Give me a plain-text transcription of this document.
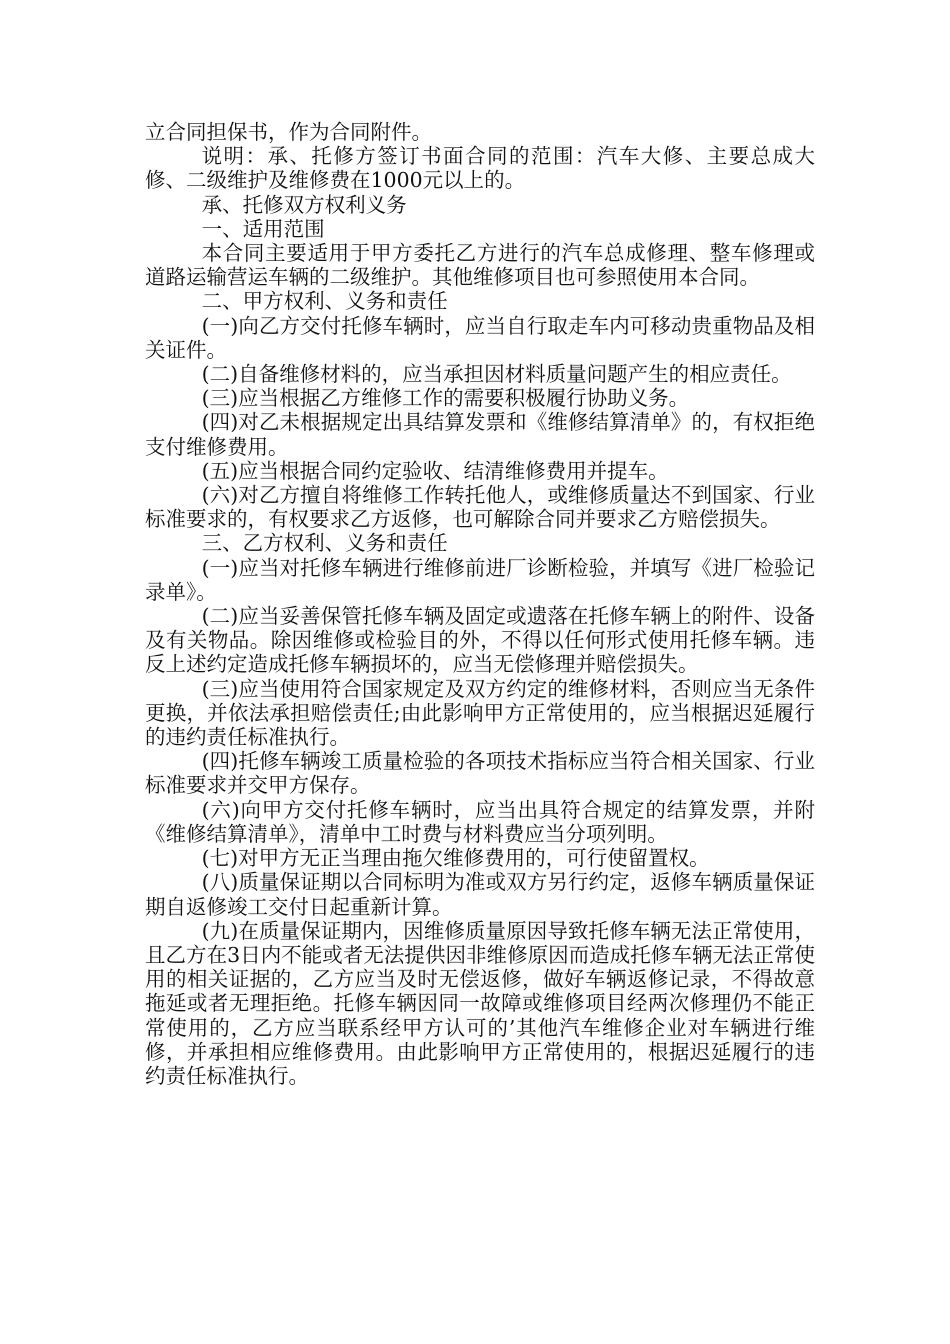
立合同担保书，作为合同附件。

说明：承、托修方签订书面合同的范围：汽车大修、主要总成大修、二级维护及维修费在1000元以上的。

承、托修双方权利义务

一、适用范围

本合同主要适用于甲方委托乙方进行的汽车总成修理、整车修理或道路运输营运车辆的二级维护。其他维修项目也可参照使用本合同。

二、甲方权利、义务和责任

(一)向乙方交付托修车辆时，应当自行取走车内可移动贵重物品及相关证件。

(二)自备维修材料的，应当承担因材料质量问题产生的相应责任。

(三)应当根据乙方维修工作的需要积极履行协助义务。

(四)对乙未根据规定出具结算发票和《维修结算清单》的，有权拒绝支付维修费用。

(五)应当根据合同约定验收、结清维修费用并提车。

(六)对乙方擅自将维修工作转托他人，或维修质量达不到国家、行业标准要求的，有权要求乙方返修，也可解除合同并要求乙方赔偿损失。

三、乙方权利、义务和责任

(一)应当对托修车辆进行维修前进厂诊断检验，并填写《进厂检验记录单》。

(二)应当妥善保管托修车辆及固定或遗落在托修车辆上的附件、设备及有关物品。除因维修或检验目的外，不得以任何形式使用托修车辆。违反上述约定造成托修车辆损坏的，应当无偿修理并赔偿损失。

(三)应当使用符合国家规定及双方约定的维修材料，否则应当无条件更换，并依法承担赔偿责任;由此影响甲方正常使用的，应当根据迟延履行的违约责任标准执行。

(四)托修车辆竣工质量检验的各项技术指标应当符合相关国家、行业标准要求并交甲方保存。

(六)向甲方交付托修车辆时，应当出具符合规定的结算发票，并附《维修结算清单》，清单中工时费与材料费应当分项列明。

(七)对甲方无正当理由拖欠维修费用的，可行使留置权。

(八)质量保证期以合同标明为准或双方另行约定，返修车辆质量保证期自返修竣工交付日起重新计算。

(九)在质量保证期内，因维修质量原因导致托修车辆无法正常使用，且乙方在3日内不能或者无法提供因非维修原因而造成托修车辆无法正常使用的相关证据的，乙方应当及时无偿返修，做好车辆返修记录，不得故意拖延或者无理拒绝。托修车辆因同一故障或维修项目经两次修理仍不能正常使用的，乙方应当联系经甲方认可的’其他汽车维修企业对车辆进行维修，并承担相应维修费用。由此影响甲方正常使用的，根据迟延履行的违约责任标准执行。
